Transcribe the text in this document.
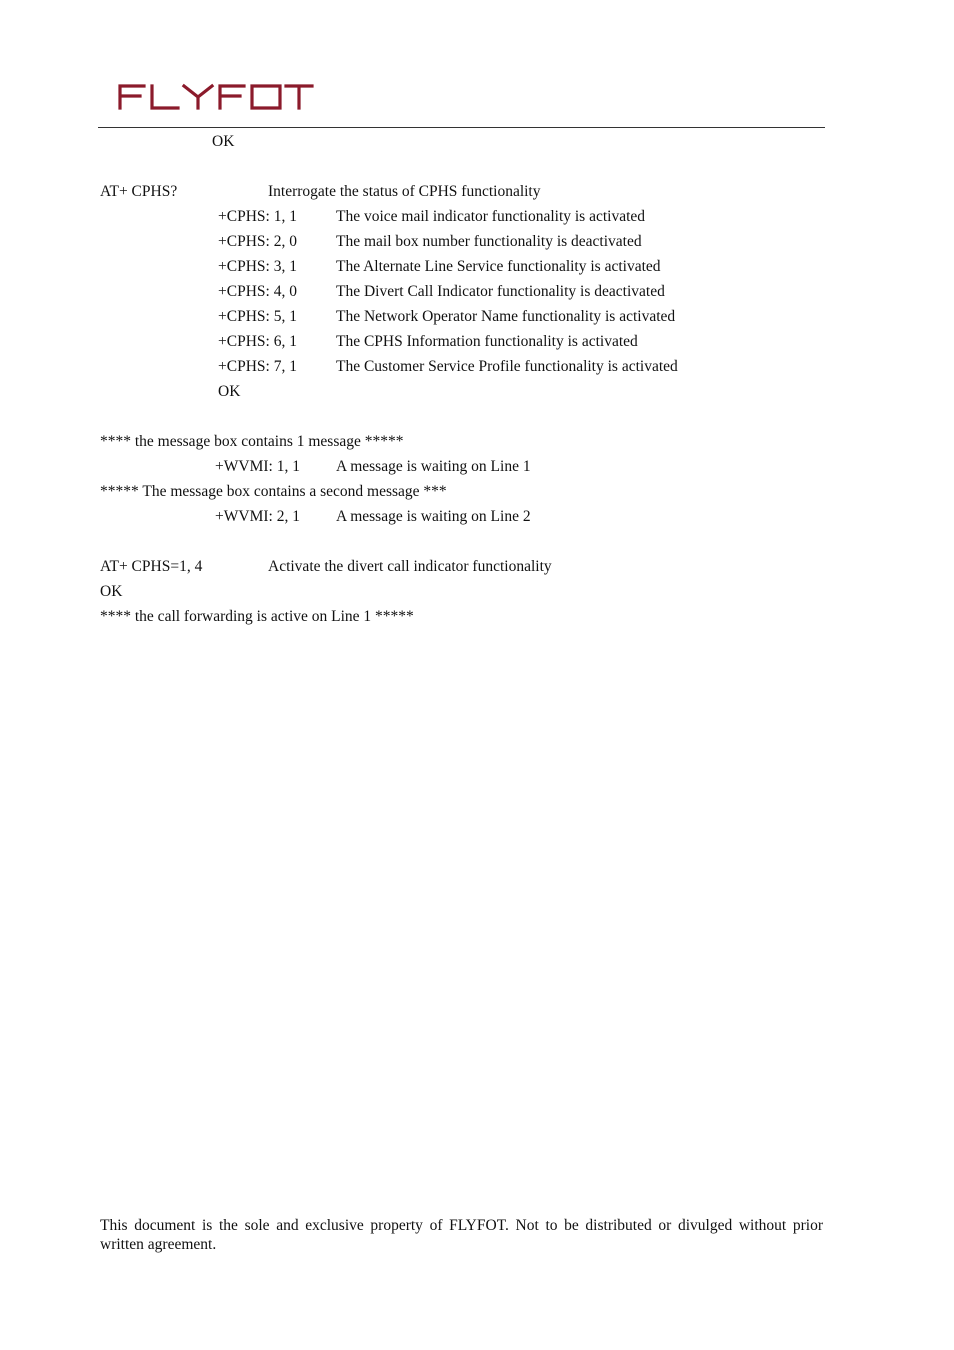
OK
AT+ CPHS?	Interrogate the status of CPHS functionality
+CPHS: 1, 1	The voice mail indicator functionality is activated
+CPHS: 2, 0	The mail box number functionality is deactivated
+CPHS: 3, 1	The Alternate Line Service functionality is activated
+CPHS: 4, 0	The Divert Call Indicator functionality is deactivated
+CPHS: 5, 1	The Network Operator Name functionality is activated
+CPHS: 6, 1	The CPHS Information functionality is activated
+CPHS: 7, 1	The Customer Service Profile functionality is activated
OK
**** the message box contains 1 message *****
+WVMI: 1, 1 A message is waiting on Line 1
***** The message box contains a second message ***
+WVMI: 2, 1 A message is waiting on Line 2
AT+ CPHS=1, 4	Activate the divert call indicator functionality
OK
**** the call forwarding is active on Line 1 *****
This document is the sole and exclusive property of FLYFOT. Not to be distributed or divulged without prior written agreement.
